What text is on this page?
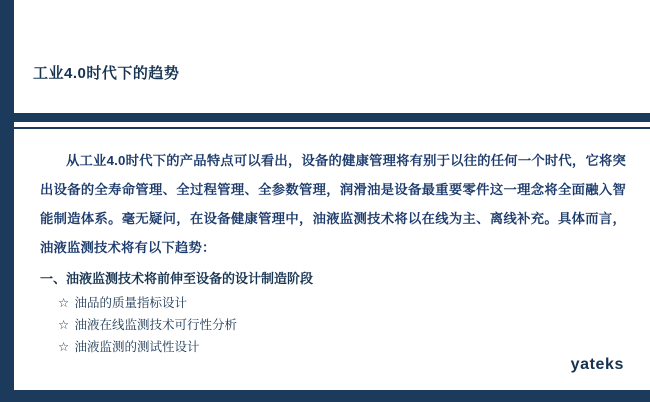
工业4.0时代下的趋势
从工业4.0时代下的产品特点可以看出，设备的健康管理将有别于以往的任何一个时代，它将突出设备的全寿命管理、全过程管理、全参数管理，润滑油是设备最重要零件这一理念将全面融入智能制造体系。毫无疑问，在设备健康管理中，油液监测技术将以在线为主、离线补充。具体而言，油液监测技术将有以下趋势：
一、油液监测技术将前伸至设备的设计制造阶段
☆ 油品的质量指标设计
☆ 油液在线监测技术可行性分析
☆ 油液监测的测试性设计
yateks
